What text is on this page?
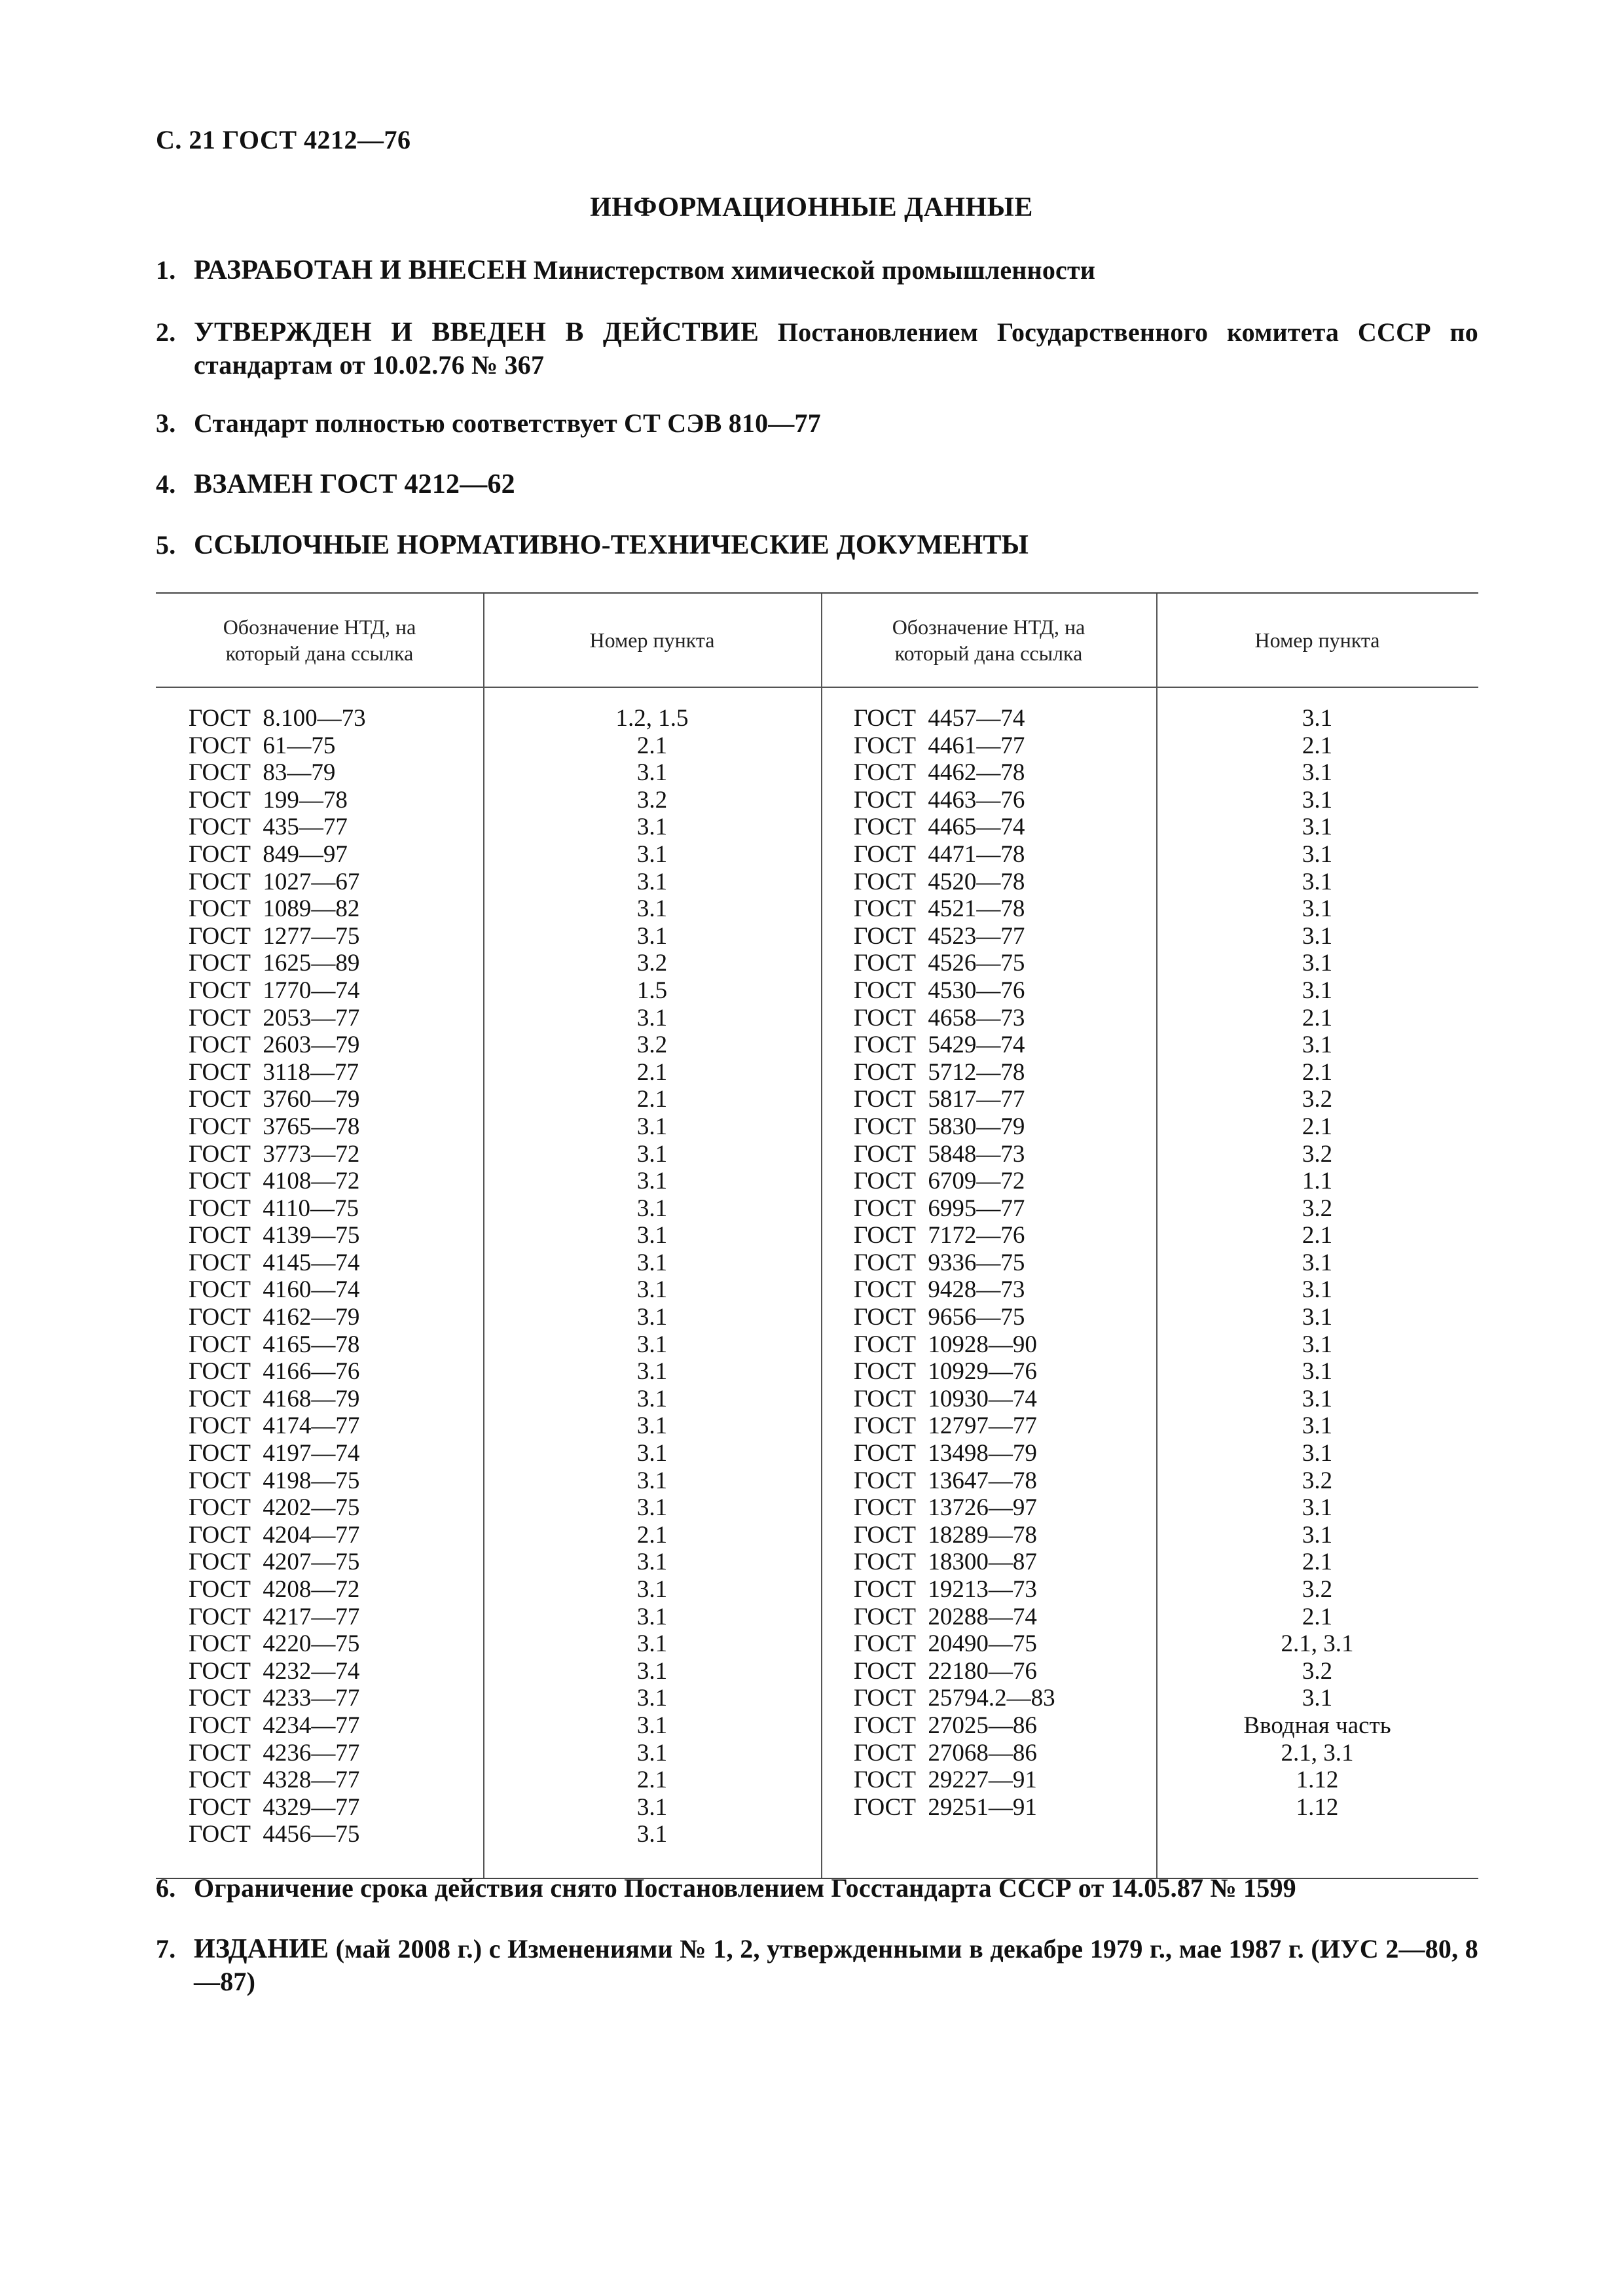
С. 21 ГОСТ 4212—76
ИНФОРМАЦИОННЫЕ ДАННЫЕ
1. РАЗРАБОТАН И ВНЕСЕН Министерством химической промышленности
2. УТВЕРЖДЕН И ВВЕДЕН В ДЕЙСТВИЕ Постановлением Государственного комитета СССР по стандартам от 10.02.76 № 367
3. Стандарт полностью соответствует СТ СЭВ 810—77
4. ВЗАМЕН ГОСТ 4212—62
5. ССЫЛОЧНЫЕ НОРМАТИВНО-ТЕХНИЧЕСКИЕ ДОКУМЕНТЫ
Обозначение НТД, на который дана ссылка
Номер пункта
Обозначение НТД, на который дана ссылка
Номер пункта
ГОСТ  8.100—73
ГОСТ  61—75
ГОСТ  83—79
ГОСТ  199—78
ГОСТ  435—77
ГОСТ  849—97
ГОСТ  1027—67
ГОСТ  1089—82
ГОСТ  1277—75
ГОСТ  1625—89
ГОСТ  1770—74
ГОСТ  2053—77
ГОСТ  2603—79
ГОСТ  3118—77
ГОСТ  3760—79
ГОСТ  3765—78
ГОСТ  3773—72
ГОСТ  4108—72
ГОСТ  4110—75
ГОСТ  4139—75
ГОСТ  4145—74
ГОСТ  4160—74
ГОСТ  4162—79
ГОСТ  4165—78
ГОСТ  4166—76
ГОСТ  4168—79
ГОСТ  4174—77
ГОСТ  4197—74
ГОСТ  4198—75
ГОСТ  4202—75
ГОСТ  4204—77
ГОСТ  4207—75
ГОСТ  4208—72
ГОСТ  4217—77
ГОСТ  4220—75
ГОСТ  4232—74
ГОСТ  4233—77
ГОСТ  4234—77
ГОСТ  4236—77
ГОСТ  4328—77
ГОСТ  4329—77
ГОСТ  4456—75
1.2, 1.5
2.1
3.1
3.2
3.1
3.1
3.1
3.1
3.1
3.2
1.5
3.1
3.2
2.1
2.1
3.1
3.1
3.1
3.1
3.1
3.1
3.1
3.1
3.1
3.1
3.1
3.1
3.1
3.1
3.1
2.1
3.1
3.1
3.1
3.1
3.1
3.1
3.1
3.1
2.1
3.1
3.1
ГОСТ  4457—74
ГОСТ  4461—77
ГОСТ  4462—78
ГОСТ  4463—76
ГОСТ  4465—74
ГОСТ  4471—78
ГОСТ  4520—78
ГОСТ  4521—78
ГОСТ  4523—77
ГОСТ  4526—75
ГОСТ  4530—76
ГОСТ  4658—73
ГОСТ  5429—74
ГОСТ  5712—78
ГОСТ  5817—77
ГОСТ  5830—79
ГОСТ  5848—73
ГОСТ  6709—72
ГОСТ  6995—77
ГОСТ  7172—76
ГОСТ  9336—75
ГОСТ  9428—73
ГОСТ  9656—75
ГОСТ  10928—90
ГОСТ  10929—76
ГОСТ  10930—74
ГОСТ  12797—77
ГОСТ  13498—79
ГОСТ  13647—78
ГОСТ  13726—97
ГОСТ  18289—78
ГОСТ  18300—87
ГОСТ  19213—73
ГОСТ  20288—74
ГОСТ  20490—75
ГОСТ  22180—76
ГОСТ  25794.2—83
ГОСТ  27025—86
ГОСТ  27068—86
ГОСТ  29227—91
ГОСТ  29251—91
3.1
2.1
3.1
3.1
3.1
3.1
3.1
3.1
3.1
3.1
3.1
2.1
3.1
2.1
3.2
2.1
3.2
1.1
3.2
2.1
3.1
3.1
3.1
3.1
3.1
3.1
3.1
3.1
3.2
3.1
3.1
2.1
3.2
2.1
2.1, 3.1
3.2
3.1
Вводная часть
2.1, 3.1
1.12
1.12
6. Ограничение срока действия снято Постановлением Госстандарта СССР от 14.05.87 № 1599
7. ИЗДАНИЕ (май 2008 г.) с Изменениями № 1, 2, утвержденными в декабре 1979 г., мае 1987 г. (ИУС 2—80, 8—87)
